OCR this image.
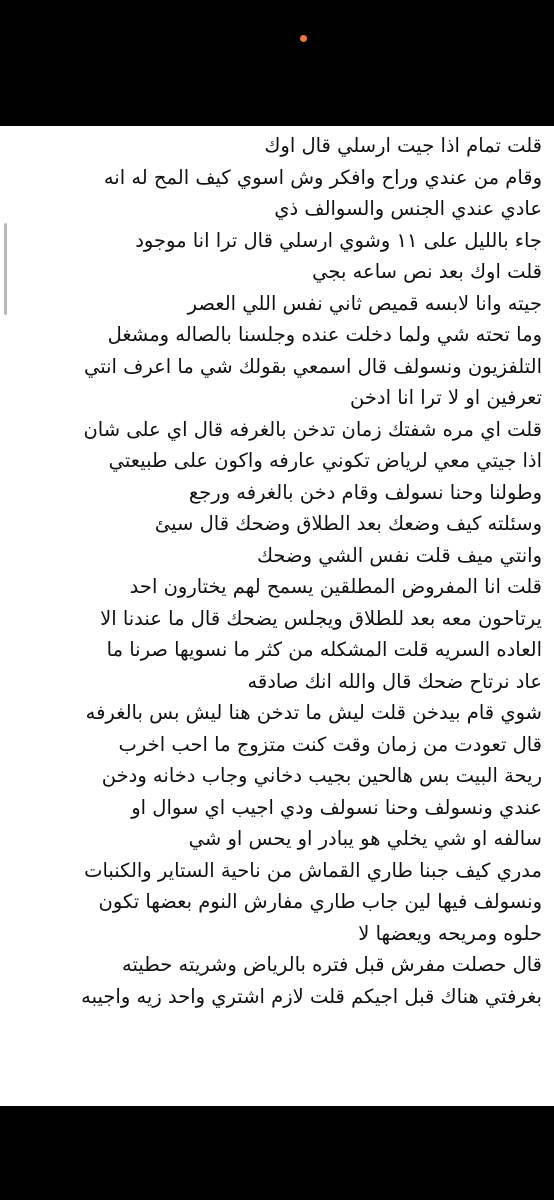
قلت تمام اذا جيت ارسلي قال اوك
وقام من عندي وراح وافكر وش اسوي كيف المح له انه
عادي عندي الجنس والسوالف ذي
جاء بالليل على ١١ وشوي ارسلي قال ترا انا موجود
قلت اوك بعد نص ساعه بجي
جيته وانا لابسه قميص ثاني نفس اللي العصر
وما تحته شي ولما دخلت عنده وجلسنا بالصاله ومشغل
التلفزيون ونسولف قال اسمعي بقولك شي ما اعرف انتي
تعرفين او لا ترا انا ادخن
قلت اي مره شفتك زمان تدخن بالغرفه قال اي على شان
اذا جيتي معي لرياض تكوني عارفه واكون على طبيعتي
وطولنا وحنا نسولف وقام دخن بالغرفه ورجع
وسئلته كيف وضعك بعد الطلاق وضحك قال سيئ
وانتي ميف قلت نفس الشي وضحك
قلت انا المفروض المطلقين يسمح لهم يختارون احد
يرتاحون معه بعد للطلاق ويجلس يضحك قال ما عندنا الا
العاده السريه قلت المشكله من كثر ما نسويها صرنا ما
عاد نرتاح ضحك قال والله انك صادقه
شوي قام بيدخن قلت ليش ما تدخن هنا ليش بس بالغرفه
قال تعودت من زمان وقت كنت متزوج ما احب اخرب
ريحة البيت بس هالحين بجيب دخاني وجاب دخانه ودخن
عندي ونسولف وحنا نسولف ودي اجيب اي سوال او
سالفه او شي يخلي هو يبادر او يحس او شي
مدري كيف جبنا طاري القماش من ناحية الستاير والكنبات
ونسولف فيها لين جاب طاري مفارش النوم بعضها تكون
حلوه ومريحه ويعضها لا
قال حصلت مفرش قبل فتره بالرياض وشريته حطيته
بغرفتي هناك قبل اجيكم قلت لازم اشتري واحد زيه واجيبه
